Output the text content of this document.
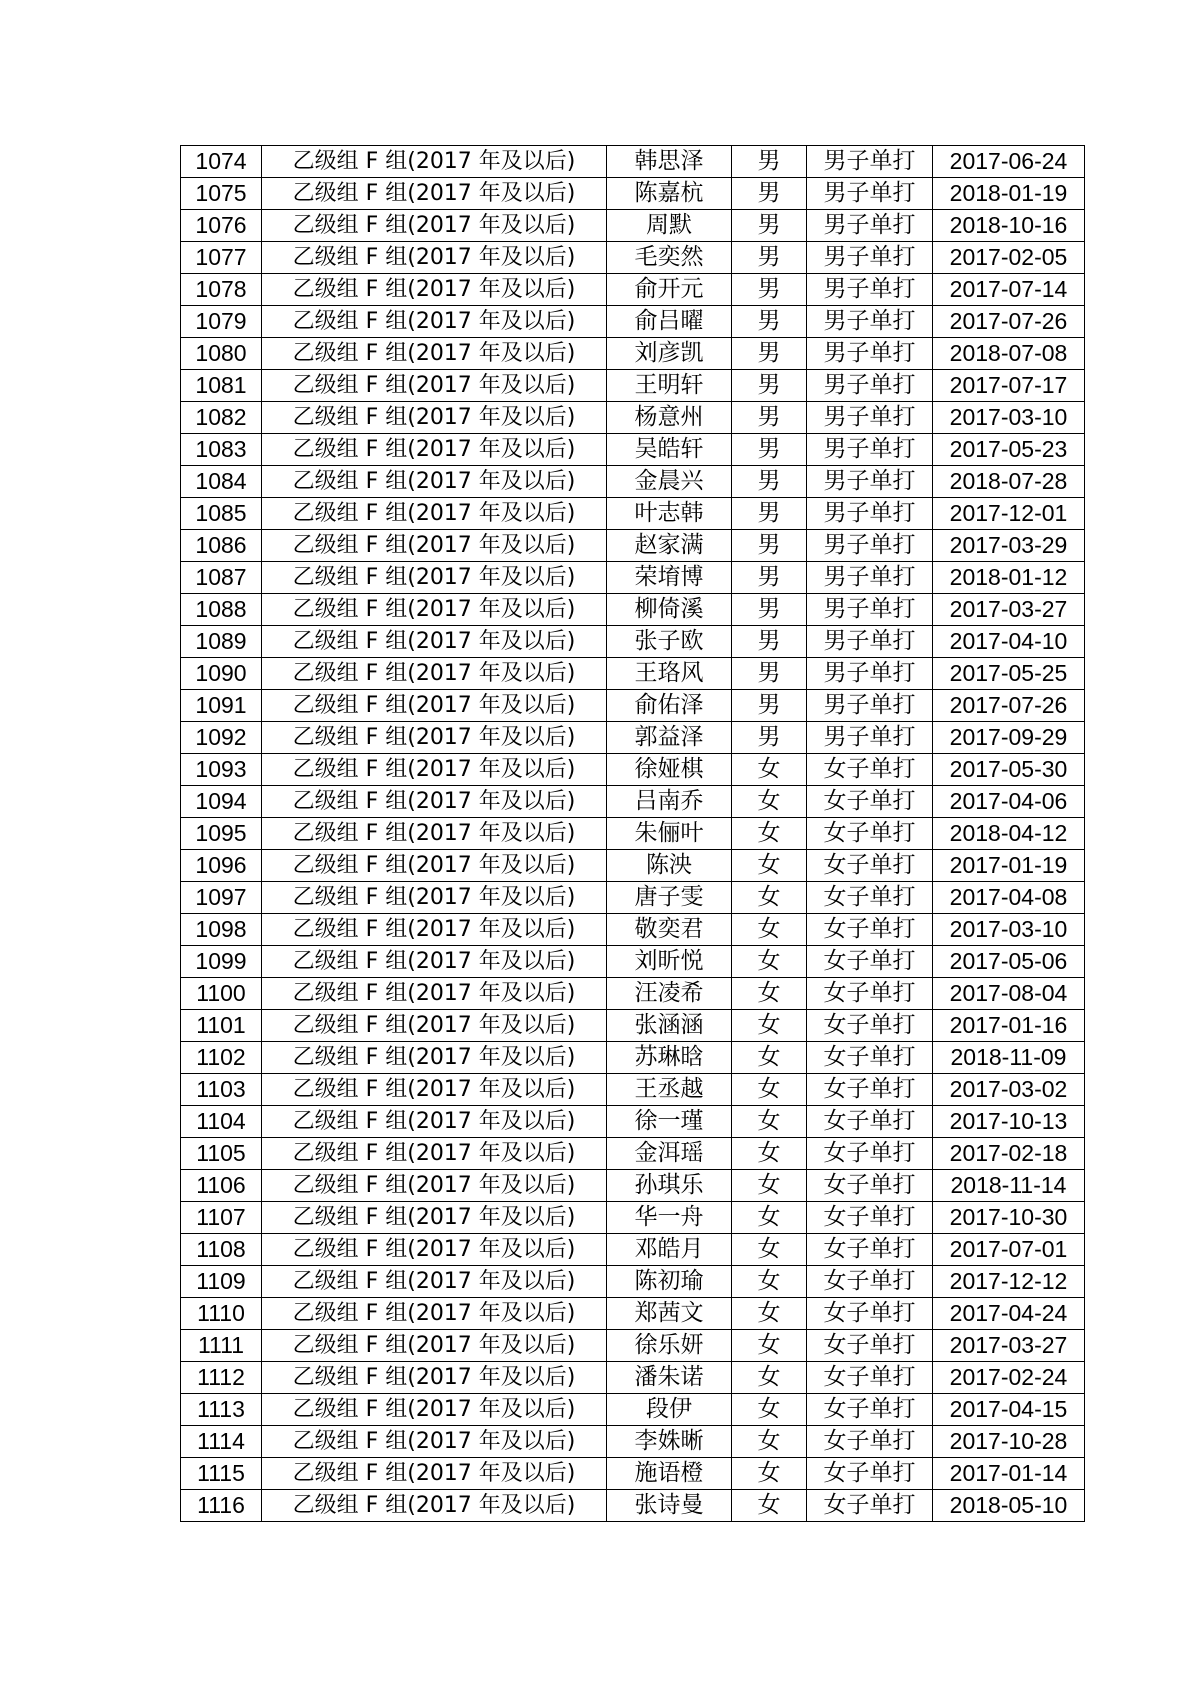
1074	乙级组 F 组(2017 年及以后)	韩思泽	男	男子单打	2017-06-24
1075	乙级组 F 组(2017 年及以后)	陈嘉杭	男	男子单打	2018-01-19
1076	乙级组 F 组(2017 年及以后)	周默	男	男子单打	2018-10-16
1077	乙级组 F 组(2017 年及以后)	毛奕然	男	男子单打	2017-02-05
1078	乙级组 F 组(2017 年及以后)	俞开元	男	男子单打	2017-07-14
1079	乙级组 F 组(2017 年及以后)	俞吕曜	男	男子单打	2017-07-26
1080	乙级组 F 组(2017 年及以后)	刘彦凯	男	男子单打	2018-07-08
1081	乙级组 F 组(2017 年及以后)	王明轩	男	男子单打	2017-07-17
1082	乙级组 F 组(2017 年及以后)	杨意州	男	男子单打	2017-03-10
1083	乙级组 F 组(2017 年及以后)	吴皓轩	男	男子单打	2017-05-23
1084	乙级组 F 组(2017 年及以后)	金晨兴	男	男子单打	2018-07-28
1085	乙级组 F 组(2017 年及以后)	叶志韩	男	男子单打	2017-12-01
1086	乙级组 F 组(2017 年及以后)	赵家满	男	男子单打	2017-03-29
1087	乙级组 F 组(2017 年及以后)	荣堉博	男	男子单打	2018-01-12
1088	乙级组 F 组(2017 年及以后)	柳倚溪	男	男子单打	2017-03-27
1089	乙级组 F 组(2017 年及以后)	张子欧	男	男子单打	2017-04-10
1090	乙级组 F 组(2017 年及以后)	王珞风	男	男子单打	2017-05-25
1091	乙级组 F 组(2017 年及以后)	俞佑泽	男	男子单打	2017-07-26
1092	乙级组 F 组(2017 年及以后)	郭益泽	男	男子单打	2017-09-29
1093	乙级组 F 组(2017 年及以后)	徐娅棋	女	女子单打	2017-05-30
1094	乙级组 F 组(2017 年及以后)	吕南乔	女	女子单打	2017-04-06
1095	乙级组 F 组(2017 年及以后)	朱俪叶	女	女子单打	2018-04-12
1096	乙级组 F 组(2017 年及以后)	陈泱	女	女子单打	2017-01-19
1097	乙级组 F 组(2017 年及以后)	唐子雯	女	女子单打	2017-04-08
1098	乙级组 F 组(2017 年及以后)	敬奕君	女	女子单打	2017-03-10
1099	乙级组 F 组(2017 年及以后)	刘昕悦	女	女子单打	2017-05-06
1100	乙级组 F 组(2017 年及以后)	汪凌希	女	女子单打	2017-08-04
1101	乙级组 F 组(2017 年及以后)	张涵涵	女	女子单打	2017-01-16
1102	乙级组 F 组(2017 年及以后)	苏琳晗	女	女子单打	2018-11-09
1103	乙级组 F 组(2017 年及以后)	王丞越	女	女子单打	2017-03-02
1104	乙级组 F 组(2017 年及以后)	徐一瑾	女	女子单打	2017-10-13
1105	乙级组 F 组(2017 年及以后)	金洱瑶	女	女子单打	2017-02-18
1106	乙级组 F 组(2017 年及以后)	孙琪乐	女	女子单打	2018-11-14
1107	乙级组 F 组(2017 年及以后)	华一舟	女	女子单打	2017-10-30
1108	乙级组 F 组(2017 年及以后)	邓皓月	女	女子单打	2017-07-01
1109	乙级组 F 组(2017 年及以后)	陈初瑜	女	女子单打	2017-12-12
1110	乙级组 F 组(2017 年及以后)	郑茜文	女	女子单打	2017-04-24
1111	乙级组 F 组(2017 年及以后)	徐乐妍	女	女子单打	2017-03-27
1112	乙级组 F 组(2017 年及以后)	潘朱诺	女	女子单打	2017-02-24
1113	乙级组 F 组(2017 年及以后)	段伊	女	女子单打	2017-04-15
1114	乙级组 F 组(2017 年及以后)	李姝晰	女	女子单打	2017-10-28
1115	乙级组 F 组(2017 年及以后)	施语橙	女	女子单打	2017-01-14
1116	乙级组 F 组(2017 年及以后)	张诗曼	女	女子单打	2018-05-10
